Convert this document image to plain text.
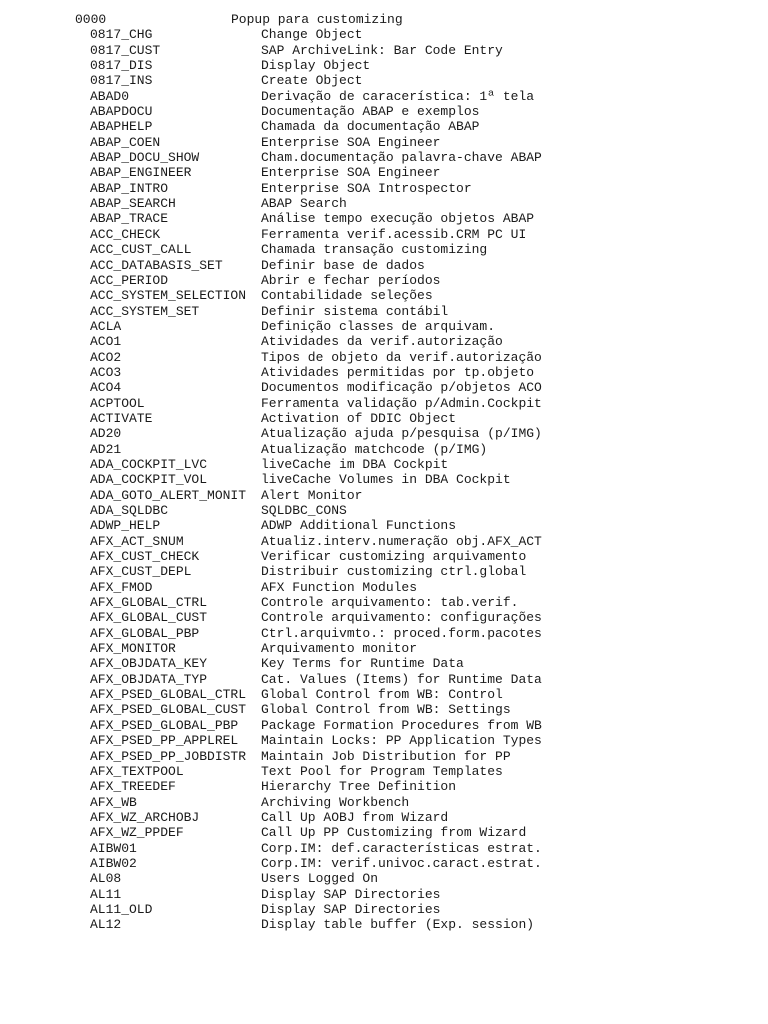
0000	Popup para customizing
0817_CHG	Change Object
0817_CUST	SAP ArchiveLink: Bar Code Entry
0817_DIS	Display Object
0817_INS	Create Object
ABAD0	Derivação de caracerística: 1ª tela
ABAPDOCU	Documentação ABAP e exemplos
ABAPHELP	Chamada da documentação ABAP
ABAP_COEN	Enterprise SOA Engineer
ABAP_DOCU_SHOW	Cham.documentação palavra-chave ABAP
ABAP_ENGINEER	Enterprise SOA Engineer
ABAP_INTRO	Enterprise SOA Introspector
ABAP_SEARCH	ABAP Search
ABAP_TRACE	Análise tempo execução objetos ABAP
ACC_CHECK	Ferramenta verif.acessib.CRM PC UI
ACC_CUST_CALL	Chamada transação customizing
ACC_DATABASIS_SET	Definir base de dados
ACC_PERIOD	Abrir e fechar períodos
ACC_SYSTEM_SELECTION	Contabilidade seleções
ACC_SYSTEM_SET	Definir sistema contábil
ACLA	Definição classes de arquivam.
ACO1	Atividades da verif.autorização
ACO2	Tipos de objeto da verif.autorização
ACO3	Atividades permitidas por tp.objeto
ACO4	Documentos modificação p/objetos ACO
ACPTOOL	Ferramenta validação p/Admin.Cockpit
ACTIVATE	Activation of DDIC Object
AD20	Atualização ajuda p/pesquisa (p/IMG)
AD21	Atualização matchcode (p/IMG)
ADA_COCKPIT_LVC	liveCache im DBA Cockpit
ADA_COCKPIT_VOL	liveCache Volumes in DBA Cockpit
ADA_GOTO_ALERT_MONIT	Alert Monitor
ADA_SQLDBC	SQLDBC_CONS
ADWP_HELP	ADWP Additional Functions
AFX_ACT_SNUM	Atualiz.interv.numeração obj.AFX_ACT
AFX_CUST_CHECK	Verificar customizing arquivamento
AFX_CUST_DEPL	Distribuir customizing ctrl.global
AFX_FMOD	AFX Function Modules
AFX_GLOBAL_CTRL	Controle arquivamento: tab.verif.
AFX_GLOBAL_CUST	Controle arquivamento: configurações
AFX_GLOBAL_PBP	Ctrl.arquivmto.: proced.form.pacotes
AFX_MONITOR	Arquivamento monitor
AFX_OBJDATA_KEY	Key Terms for Runtime Data
AFX_OBJDATA_TYP	Cat. Values (Items) for Runtime Data
AFX_PSED_GLOBAL_CTRL	Global Control from WB: Control
AFX_PSED_GLOBAL_CUST	Global Control from WB: Settings
AFX_PSED_GLOBAL_PBP	Package Formation Procedures from WB
AFX_PSED_PP_APPLREL	Maintain Locks: PP Application Types
AFX_PSED_PP_JOBDISTR	Maintain Job Distribution for PP
AFX_TEXTPOOL	Text Pool for Program Templates
AFX_TREEDEF	Hierarchy Tree Definition
AFX_WB	Archiving Workbench
AFX_WZ_ARCHOBJ	Call Up AOBJ from Wizard
AFX_WZ_PPDEF	Call Up PP Customizing from Wizard
AIBW01	Corp.IM: def.características estrat.
AIBW02	Corp.IM: verif.univoc.caract.estrat.
AL08	Users Logged On
AL11	Display SAP Directories
AL11_OLD	Display SAP Directories
AL12	Display table buffer (Exp. session)
